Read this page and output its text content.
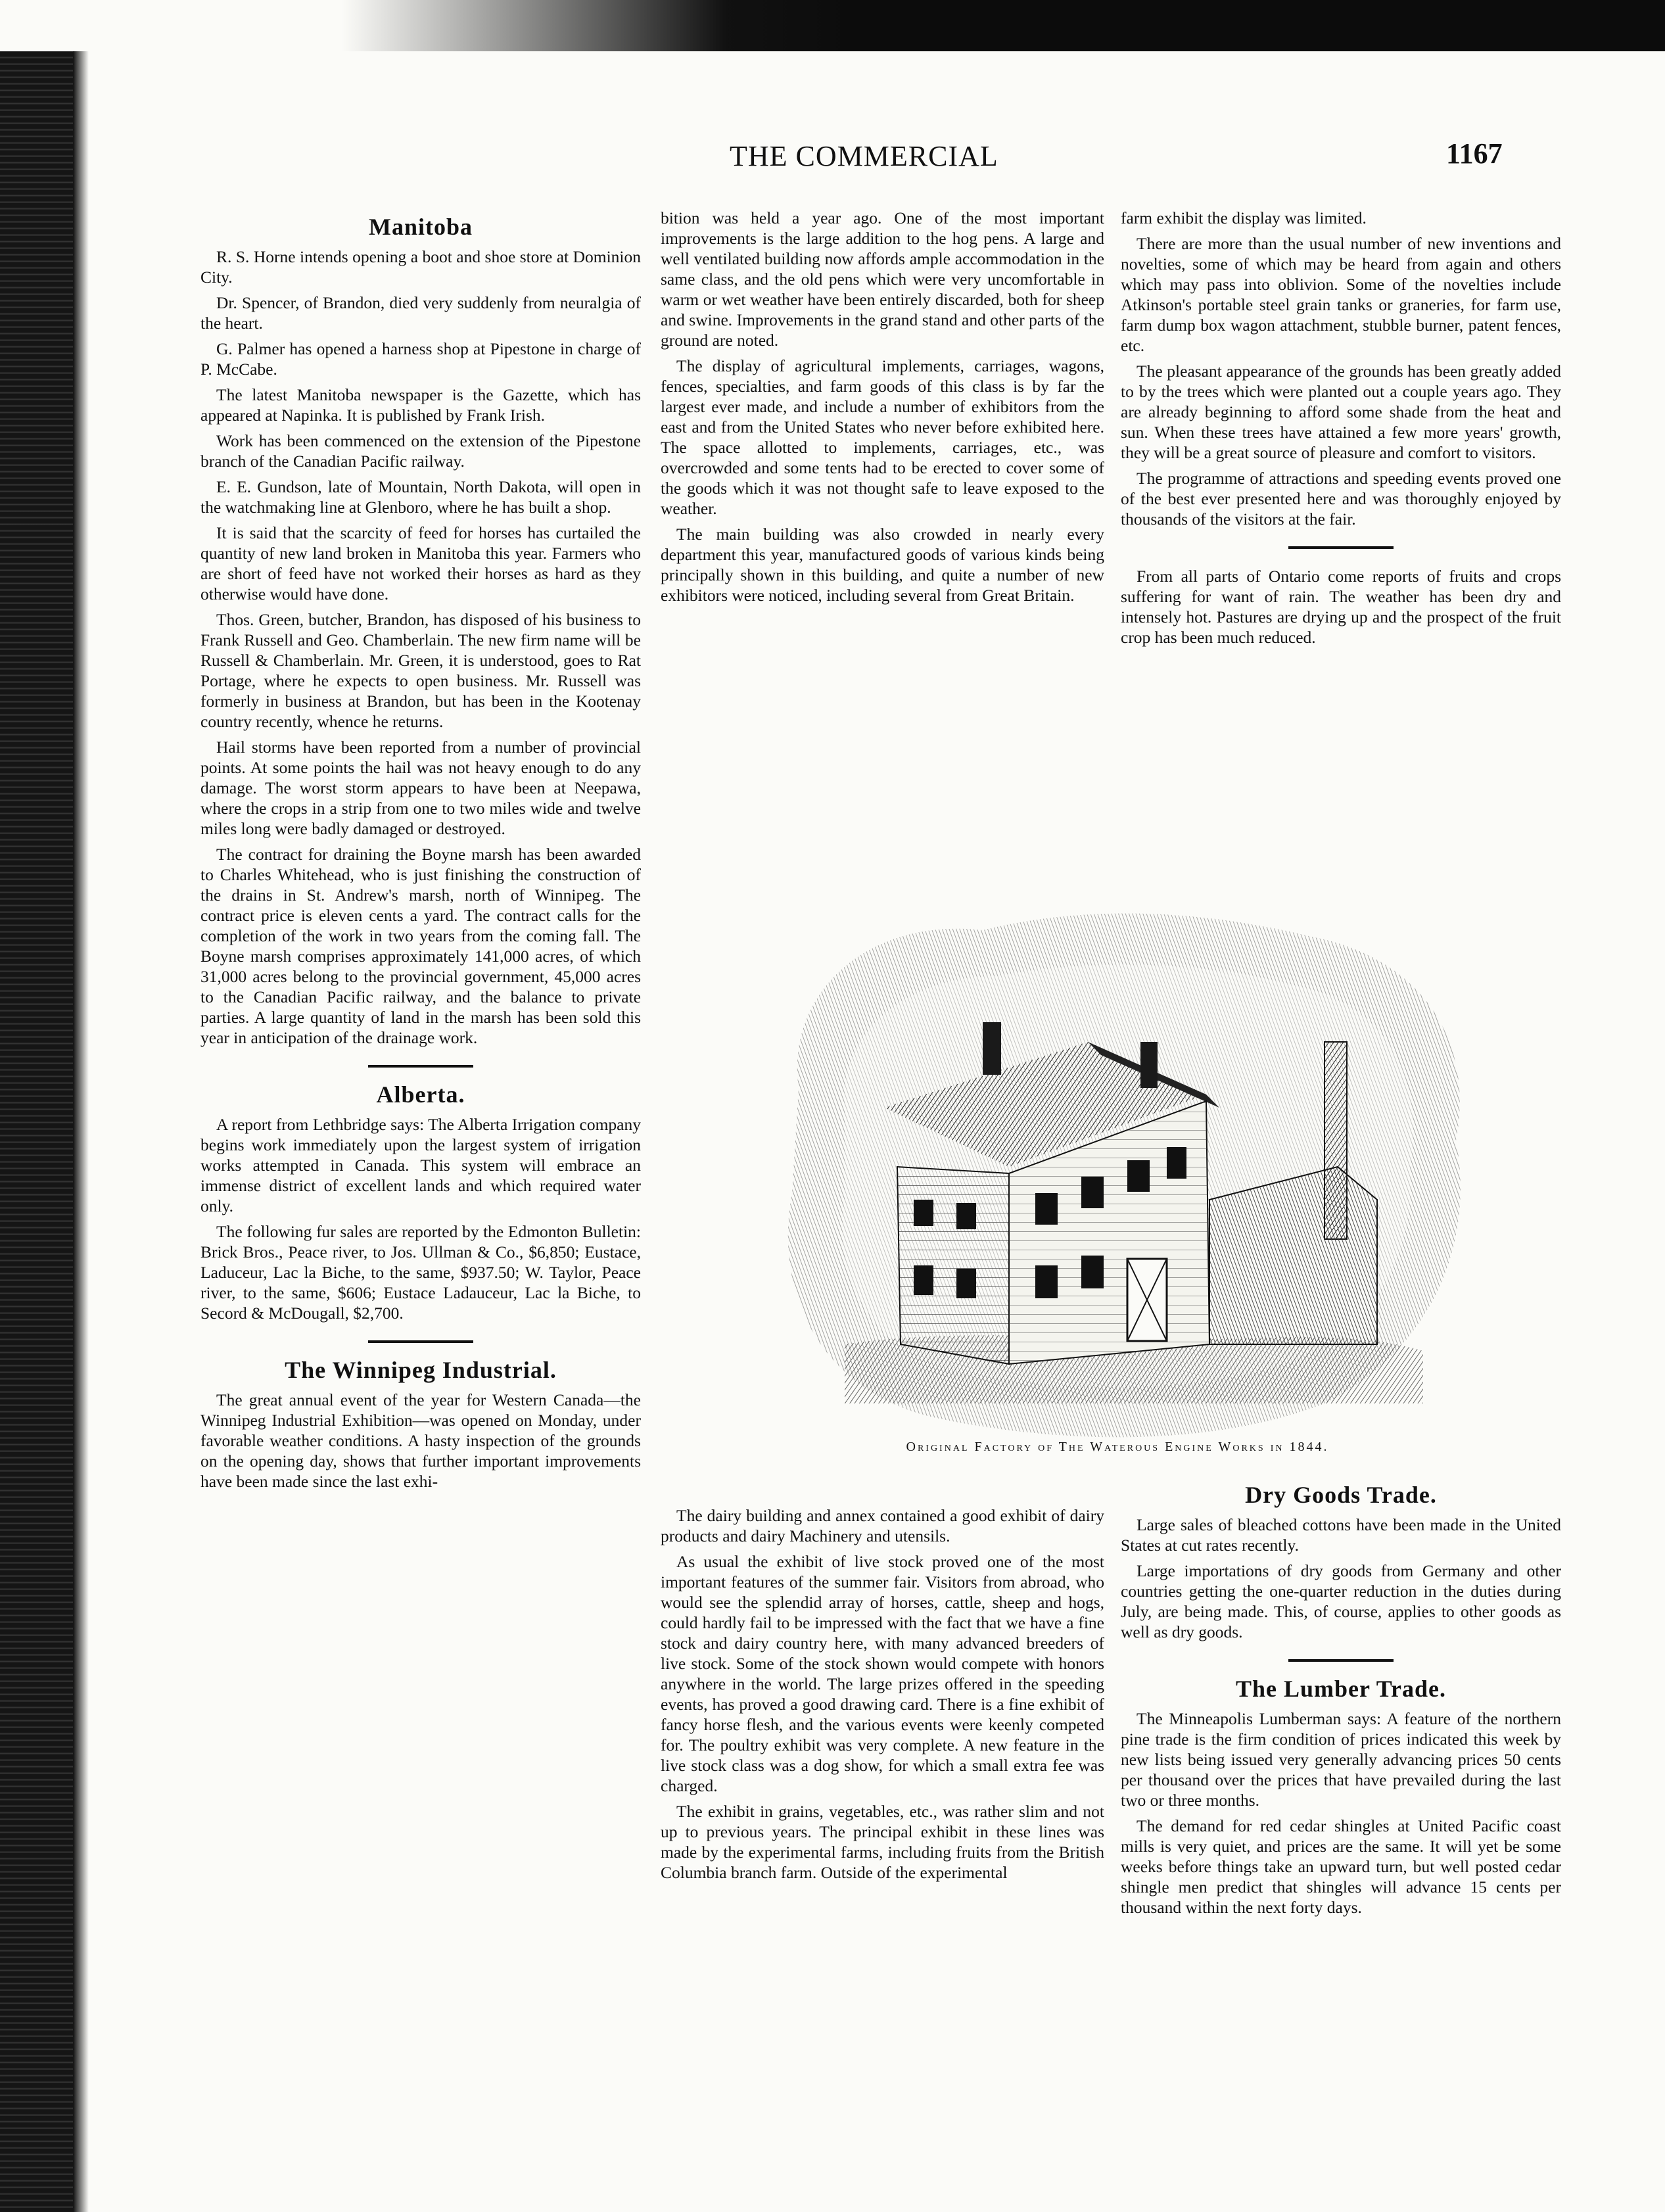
THE COMMERCIAL	1167
Manitoba

R. S. Horne intends opening a boot and shoe store at Dominion City.

Dr. Spencer, of Brandon, died very suddenly from neuralgia of the heart.

G. Palmer has opened a harness shop at Pipestone in charge of P. McCabe.

The latest Manitoba newspaper is the Gazette, which has appeared at Napinka. It is published by Frank Irish.

Work has been commenced on the extension of the Pipestone branch of the Canadian Pacific railway.

E. E. Gundson, late of Mountain, North Dakota, will open in the watchmaking line at Glenboro, where he has built a shop.

It is said that the scarcity of feed for horses has curtailed the quantity of new land broken in Manitoba this year. Farmers who are short of feed have not worked their horses as hard as they otherwise would have done.

Thos. Green, butcher, Brandon, has disposed of his business to Frank Russell and Geo. Chamberlain. The new firm name will be Russell & Chamberlain. Mr. Green, it is understood, goes to Rat Portage, where he expects to open business. Mr. Russell was formerly in business at Brandon, but has been in the Kootenay country recently, whence he returns.

Hail storms have been reported from a number of provincial points. At some points the hail was not heavy enough to do any damage. The worst storm appears to have been at Neepawa, where the crops in a strip from one to two miles wide and twelve miles long were badly damaged or destroyed.

The contract for draining the Boyne marsh has been awarded to Charles Whitehead, who is just finishing the construction of the drains in St. Andrew's marsh, north of Winnipeg. The contract price is eleven cents a yard. The contract calls for the completion of the work in two years from the coming fall. The Boyne marsh comprises approximately 141,000 acres, of which 31,000 acres belong to the provincial government, 45,000 acres to the Canadian Pacific railway, and the balance to private parties. A large quantity of land in the marsh has been sold this year in anticipation of the drainage work.

Alberta.

A report from Lethbridge says: The Alberta Irrigation company begins work immediately upon the largest system of irrigation works attempted in Canada. This system will embrace an immense district of excellent lands and which required water only.

The following fur sales are reported by the Edmonton Bulletin: Brick Bros., Peace river, to Jos. Ullman & Co., $6,850; Eustace, Laduceur, Lac la Biche, to the same, $937.50; W. Taylor, Peace river, to the same, $606; Eustace Ladauceur, Lac la Biche, to Secord & McDougall, $2,700.

The Winnipeg Industrial.

The great annual event of the year for Western Canada—the Winnipeg Industrial Exhibition—was opened on Monday, under favorable weather conditions. A hasty inspection of the grounds on the opening day, shows that further important improvements have been made since the last exhi-

bition was held a year ago. One of the most important improvements is the large addition to the hog pens. A large and well ventilated building now affords ample accommodation in the same class, and the old pens which were very uncomfortable in warm or wet weather have been entirely discarded, both for sheep and swine. Improvements in the grand stand and other parts of the ground are noted.

The display of agricultural implements, carriages, wagons, fences, specialties, and farm goods of this class is by far the largest ever made, and include a number of exhibitors from the east and from the United States who never before exhibited here. The space allotted to implements, carriages, etc., was overcrowded and some tents had to be erected to cover some of the goods which it was not thought safe to leave exposed to the weather.

The main building was also crowded in nearly every department this year, manufactured goods of various kinds being principally shown in this building, and quite a number of new exhibitors were noticed, including several from Great Britain.

farm exhibit the display was limited.

There are more than the usual number of new inventions and novelties, some of which may be heard from again and others which may pass into oblivion. Some of the novelties include Atkinson's portable steel grain tanks or graneries, for farm use, farm dump box wagon attachment, stubble burner, patent fences, etc.

The pleasant appearance of the grounds has been greatly added to by the trees which were planted out a couple years ago. They are already beginning to afford some shade from the heat and sun. When these trees have attained a few more years' growth, they will be a great source of pleasure and comfort to visitors.

The programme of attractions and speeding events proved one of the best ever presented here and was thoroughly enjoyed by thousands of the visitors at the fair.

From all parts of Ontario come reports of fruits and crops suffering for want of rain. The weather has been dry and intensely hot. Pastures are drying up and the prospect of the fruit crop has been much reduced.

Original Factory of The Waterous Engine Works in 1844.

The dairy building and annex contained a good exhibit of dairy products and dairy Machinery and utensils.

As usual the exhibit of live stock proved one of the most important features of the summer fair. Visitors from abroad, who would see the splendid array of horses, cattle, sheep and hogs, could hardly fail to be impressed with the fact that we have a fine stock and dairy country here, with many advanced breeders of live stock. Some of the stock shown would compete with honors anywhere in the world. The large prizes offered in the speeding events, has proved a good drawing card. There is a fine exhibit of fancy horse flesh, and the various events were keenly competed for. The poultry exhibit was very complete. A new feature in the live stock class was a dog show, for which a small extra fee was charged.

The exhibit in grains, vegetables, etc., was rather slim and not up to previous years. The principal exhibit in these lines was made by the experimental farms, including fruits from the British Columbia branch farm. Outside of the experimental

Dry Goods Trade.

Large sales of bleached cottons have been made in the United States at cut rates recently.

Large importations of dry goods from Germany and other countries getting the one-quarter reduction in the duties during July, are being made. This, of course, applies to other goods as well as dry goods.

The Lumber Trade.

The Minneapolis Lumberman says: A feature of the northern pine trade is the firm condition of prices indicated this week by new lists being issued very generally advancing prices 50 cents per thousand over the prices that have prevailed during the last two or three months.

The demand for red cedar shingles at United Pacific coast mills is very quiet, and prices are the same. It will yet be some weeks before things take an upward turn, but well posted cedar shingle men predict that shingles will advance 15 cents per thousand within the next forty days.
